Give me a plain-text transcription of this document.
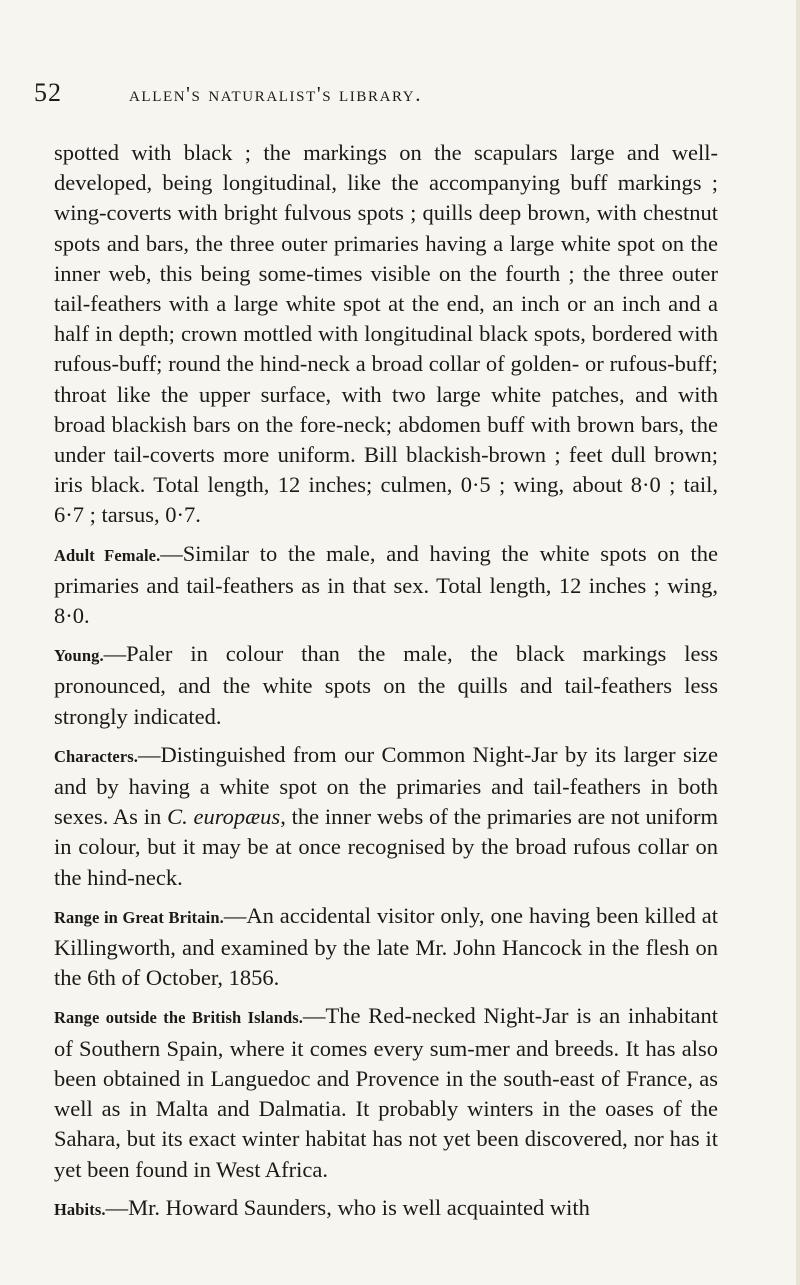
52	allen's naturalist's library.

spotted with black ; the markings on the scapulars large and well-developed, being longitudinal, like the accompanying buff markings ; wing-coverts with bright fulvous spots ; quills deep brown, with chestnut spots and bars, the three outer primaries having a large white spot on the inner web, this being some-times visible on the fourth ; the three outer tail-feathers with a large white spot at the end, an inch or an inch and a half in depth; crown mottled with longitudinal black spots, bordered with rufous-buff; round the hind-neck a broad collar of golden- or rufous-buff; throat like the upper surface, with two large white patches, and with broad blackish bars on the fore-neck; abdomen buff with brown bars, the under tail-coverts more uniform. Bill blackish-brown ; feet dull brown; iris black. Total length, 12 inches; culmen, 0·5 ; wing, about 8·0 ; tail, 6·7 ; tarsus, 0·7.

Adult Female.—Similar to the male, and having the white spots on the primaries and tail-feathers as in that sex. Total length, 12 inches ; wing, 8·0.

Young.—Paler in colour than the male, the black markings less pronounced, and the white spots on the quills and tail-feathers less strongly indicated.

Characters.—Distinguished from our Common Night-Jar by its larger size and by having a white spot on the primaries and tail-feathers in both sexes. As in C. europæus, the inner webs of the primaries are not uniform in colour, but it may be at once recognised by the broad rufous collar on the hind-neck.

Range in Great Britain.—An accidental visitor only, one having been killed at Killingworth, and examined by the late Mr. John Hancock in the flesh on the 6th of October, 1856.

Range outside the British Islands.—The Red-necked Night-Jar is an inhabitant of Southern Spain, where it comes every sum-mer and breeds. It has also been obtained in Languedoc and Provence in the south-east of France, as well as in Malta and Dalmatia. It probably winters in the oases of the Sahara, but its exact winter habitat has not yet been discovered, nor has it yet been found in West Africa.

Habits.—Mr. Howard Saunders, who is well acquainted with
